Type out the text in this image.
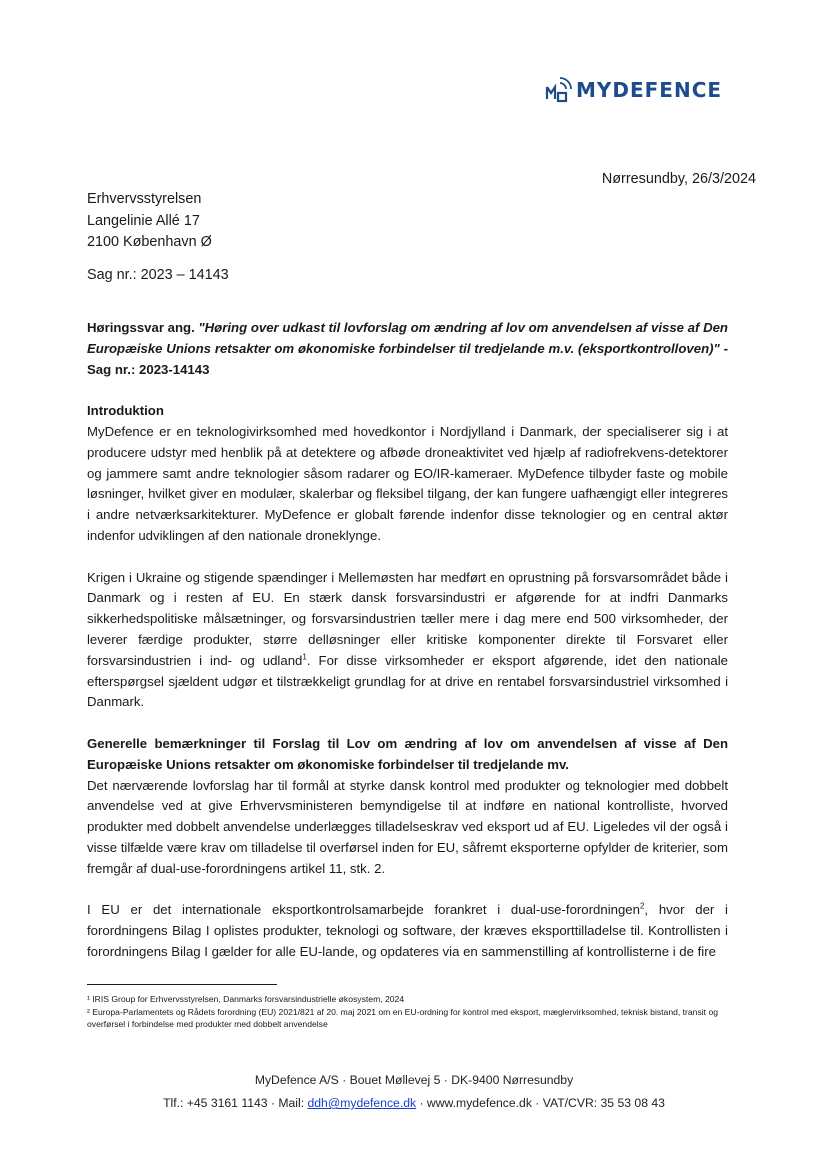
MYDEFENCE
Nørresundby, 26/3/2024
Erhvervsstyrelsen
Langelinie Allé 17
2100 København Ø
Sag nr.: 2023 – 14143

Høringssvar ang. "Høring over udkast til lovforslag om ændring af lov om anvendelsen af visse af Den Europæiske Unions retsakter om økonomiske forbindelser til tredjelande m.v. (eksportkontrolloven)" - Sag nr.: 2023-14143

Introduktion

MyDefence er en teknologivirksomhed med hovedkontor i Nordjylland i Danmark, der specialiserer sig i at producere udstyr med henblik på at detektere og afbøde droneaktivitet ved hjælp af radiofrekvens-detektorer og jammere samt andre teknologier såsom radarer og EO/IR-kameraer. MyDefence tilbyder faste og mobile løsninger, hvilket giver en modulær, skalerbar og fleksibel tilgang, der kan fungere uafhængigt eller integreres i andre netværksarkitekturer. MyDefence er globalt førende indenfor disse teknologier og en central aktør indenfor udviklingen af den nationale droneklynge.

Krigen i Ukraine og stigende spændinger i Mellemøsten har medført en oprustning på forsvarsområdet både i Danmark og i resten af EU. En stærk dansk forsvarsindustri er afgørende for at indfri Danmarks sikkerhedspolitiske målsætninger, og forsvarsindustrien tæller mere i dag mere end 500 virksomheder, der leverer færdige produkter, større delløsninger eller kritiske komponenter direkte til Forsvaret eller forsvarsindustrien i ind- og udland$^1$. For disse virksomheder er eksport afgørende, idet den nationale efterspørgsel sjældent udgør et tilstrækkeligt grundlag for at drive en rentabel forsvarsindustriel virksomhed i Danmark.

Generelle bemærkninger til Forslag til Lov om ændring af lov om anvendelsen af visse af Den Europæiske Unions retsakter om økonomiske forbindelser til tredjelande mv.

Det nærværende lovforslag har til formål at styrke dansk kontrol med produkter og teknologier med dobbelt anvendelse ved at give Erhvervsministeren bemyndigelse til at indføre en national kontrolliste, hvorved produkter med dobbelt anvendelse underlægges tilladelseskrav ved eksport ud af EU. Ligeledes vil der også i visse tilfælde være krav om tilladelse til overførsel inden for EU, såfremt eksporterne opfylder de kriterier, som fremgår af dual-use-forordningens artikel 11, stk. 2.

I EU er det internationale eksportkontrolsamarbejde forankret i dual-use-forordningen$^2$, hvor der i forordningens Bilag I oplistes produkter, teknologi og software, der kræves eksporttilladelse til. Kontrollisten i forordningens Bilag I gælder for alle EU-lande, og opdateres via en sammenstilling af kontrollisterne i de fire

¹ IRIS Group for Erhvervsstyrelsen, Danmarks forsvarsindustrielle økosystem, 2024
² Europa-Parlamentets og Rådets forordning (EU) 2021/821 af 20. maj 2021 om en EU-ordning for kontrol med eksport, mæglervirksomhed, teknisk bistand, transit og overførsel i forbindelse med produkter med dobbelt anvendelse
MyDefence A/S · Bouet Møllevej 5 · DK-9400 Nørresundby
Tlf.: +45 3161 1143 · Mail: ddh@mydefence.dk · www.mydefence.dk · VAT/CVR: 35 53 08 43
